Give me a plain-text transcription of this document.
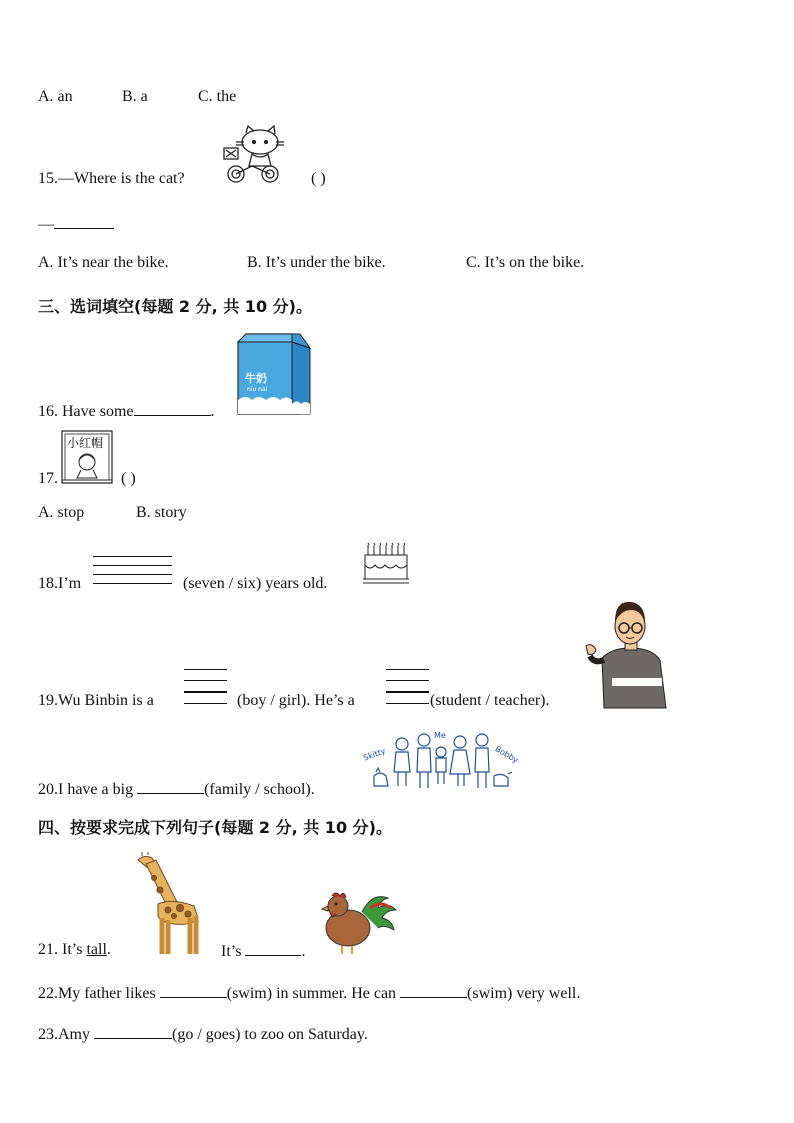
A. an	B. a	C. the
15.—Where is the cat?	( )
—
A. It’s near the bike.	B. It’s under the bike.	C. It’s on the bike.
三、选词填空(每题 2 分, 共 10 分)。
牛奶
niu nai
16. Have some	.
17.
小红帽
( )
A. stop	B. story
18.I’m	(seven / six) years old.
19.Wu Binbin is a	(boy / girl). He’s a	(student / teacher).
20.I have a big	(family / school).
Skitty
Me
Bobby
四、按要求完成下列句子(每题 2 分, 共 10 分)。
21. It’s tall.	It’s	.
22.My father likes	(swim) in summer. He can	(swim) very well.
23.Amy	(go / goes) to zoo on Saturday.
